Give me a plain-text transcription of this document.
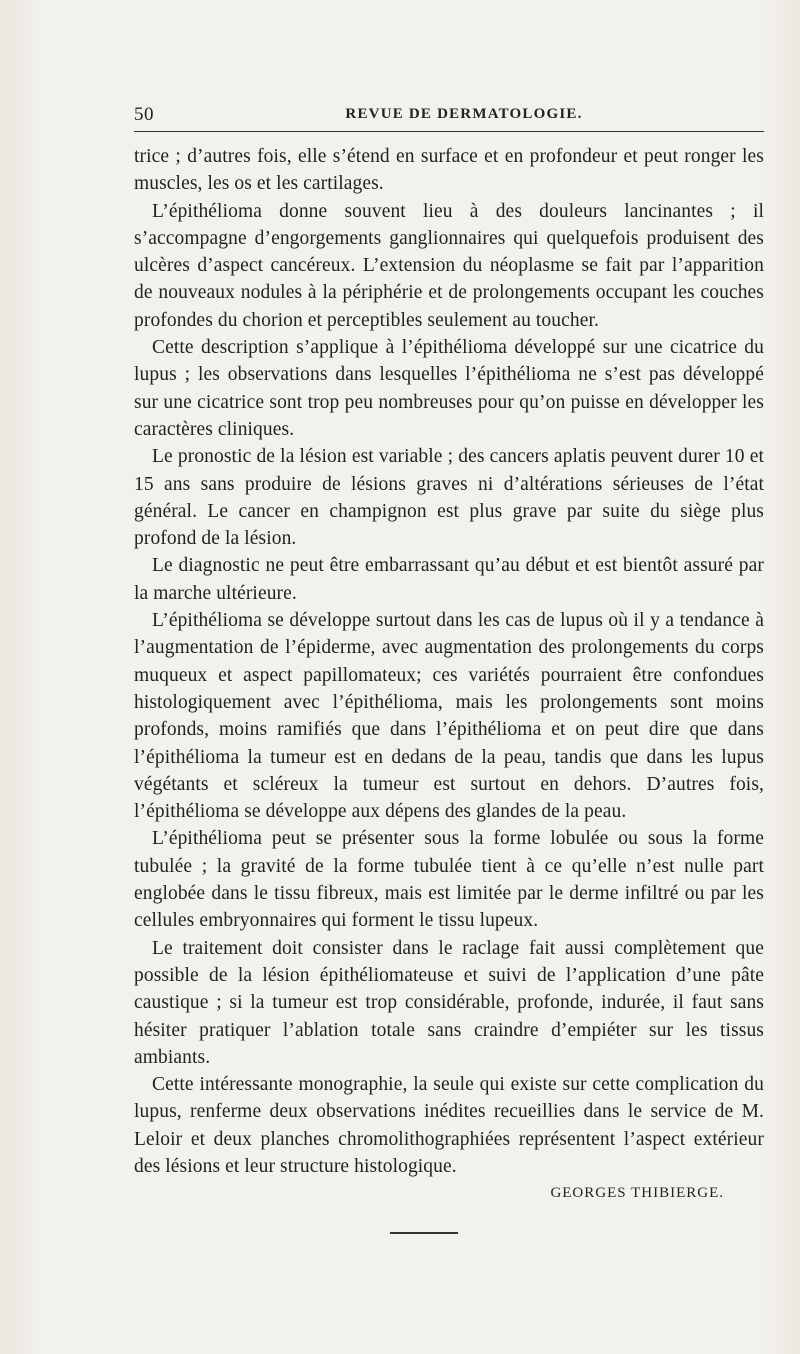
50	REVUE DE DERMATOLOGIE.

trice ; d’autres fois, elle s’étend en surface et en profondeur et peut ronger les muscles, les os et les cartilages.

L’épithélioma donne souvent lieu à des douleurs lancinantes ; il s’accompagne d’engorgements ganglionnaires qui quelquefois produisent des ulcères d’aspect cancéreux. L’extension du néoplasme se fait par l’apparition de nouveaux nodules à la périphérie et de prolongements occupant les couches profondes du chorion et perceptibles seulement au toucher.

Cette description s’applique à l’épithélioma développé sur une cicatrice du lupus ; les observations dans lesquelles l’épithélioma ne s’est pas développé sur une cicatrice sont trop peu nombreuses pour qu’on puisse en développer les caractères cliniques.

Le pronostic de la lésion est variable ; des cancers aplatis peuvent durer 10 et 15 ans sans produire de lésions graves ni d’altérations sérieuses de l’état général. Le cancer en champignon est plus grave par suite du siège plus profond de la lésion.

Le diagnostic ne peut être embarrassant qu’au début et est bientôt assuré par la marche ultérieure.

L’épithélioma se développe surtout dans les cas de lupus où il y a tendance à l’augmentation de l’épiderme, avec augmentation des prolongements du corps muqueux et aspect papillomateux; ces variétés pourraient être confondues histologiquement avec l’épithélioma, mais les prolongements sont moins profonds, moins ramifiés que dans l’épithélioma et on peut dire que dans l’épithélioma la tumeur est en dedans de la peau, tandis que dans les lupus végétants et scléreux la tumeur est surtout en dehors. D’autres fois, l’épithélioma se développe aux dépens des glandes de la peau.

L’épithélioma peut se présenter sous la forme lobulée ou sous la forme tubulée ; la gravité de la forme tubulée tient à ce qu’elle n’est nulle part englobée dans le tissu fibreux, mais est limitée par le derme infiltré ou par les cellules embryonnaires qui forment le tissu lupeux.

Le traitement doit consister dans le raclage fait aussi complètement que possible de la lésion épithéliomateuse et suivi de l’application d’une pâte caustique ; si la tumeur est trop considérable, profonde, indurée, il faut sans hésiter pratiquer l’ablation totale sans craindre d’empiéter sur les tissus ambiants.

Cette intéressante monographie, la seule qui existe sur cette complication du lupus, renferme deux observations inédites recueillies dans le service de M. Leloir et deux planches chromolithographiées représentent l’aspect extérieur des lésions et leur structure histologique.

GEORGES THIBIERGE.
